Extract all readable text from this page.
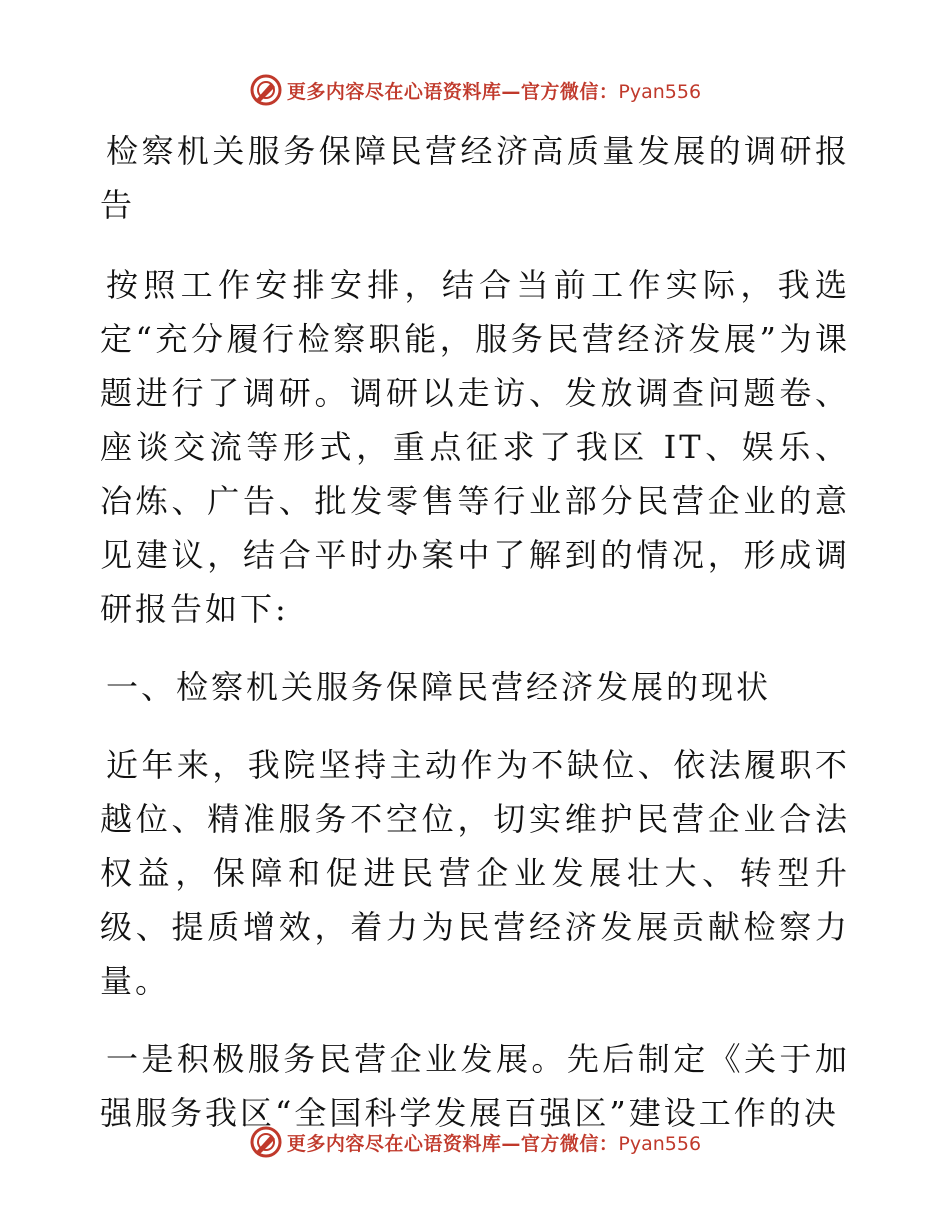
更多内容尽在心语资料库—官方微信：Pyan556

检察机关服务保障民营经济高质量发展的调研报告

按照工作安排安排，结合当前工作实际，我选定“充分履行检察职能，服务民营经济发展”为课题进行了调研。调研以走访、发放调查问题卷、座谈交流等形式，重点征求了我区 IT、娱乐、冶炼、广告、批发零售等行业部分民营企业的意见建议，结合平时办案中了解到的情况，形成调研报告如下:

一、检察机关服务保障民营经济发展的现状

近年来，我院坚持主动作为不缺位、依法履职不越位、精准服务不空位，切实维护民营企业合法权益，保障和促进民营企业发展壮大、转型升级、提质增效，着力为民营经济发展贡献检察力量。

一是积极服务民营企业发展。先后制定《关于加强服务我区“全国科学发展百强区”建设工作的决

更多内容尽在心语资料库—官方微信：Pyan556
